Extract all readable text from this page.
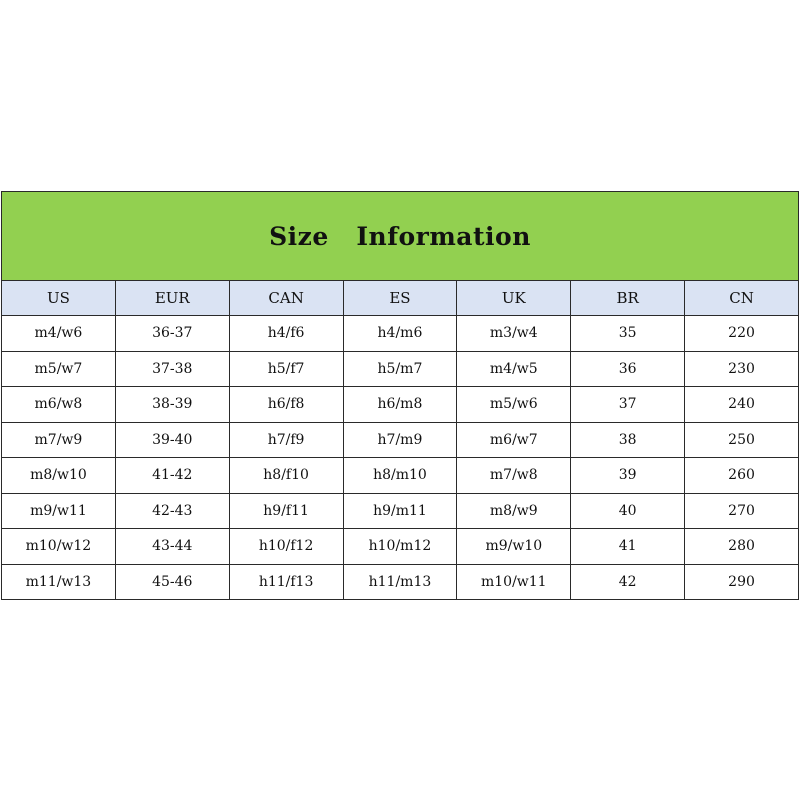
Size   Information						
US	EUR	CAN	ES	UK	BR	CN
m4/w6	36-37	h4/f6	h4/m6	m3/w4	35	220
m5/w7	37-38	h5/f7	h5/m7	m4/w5	36	230
m6/w8	38-39	h6/f8	h6/m8	m5/w6	37	240
m7/w9	39-40	h7/f9	h7/m9	m6/w7	38	250
m8/w10	41-42	h8/f10	h8/m10	m7/w8	39	260
m9/w11	42-43	h9/f11	h9/m11	m8/w9	40	270
m10/w12	43-44	h10/f12	h10/m12	m9/w10	41	280
m11/w13	45-46	h11/f13	h11/m13	m10/w11	42	290
